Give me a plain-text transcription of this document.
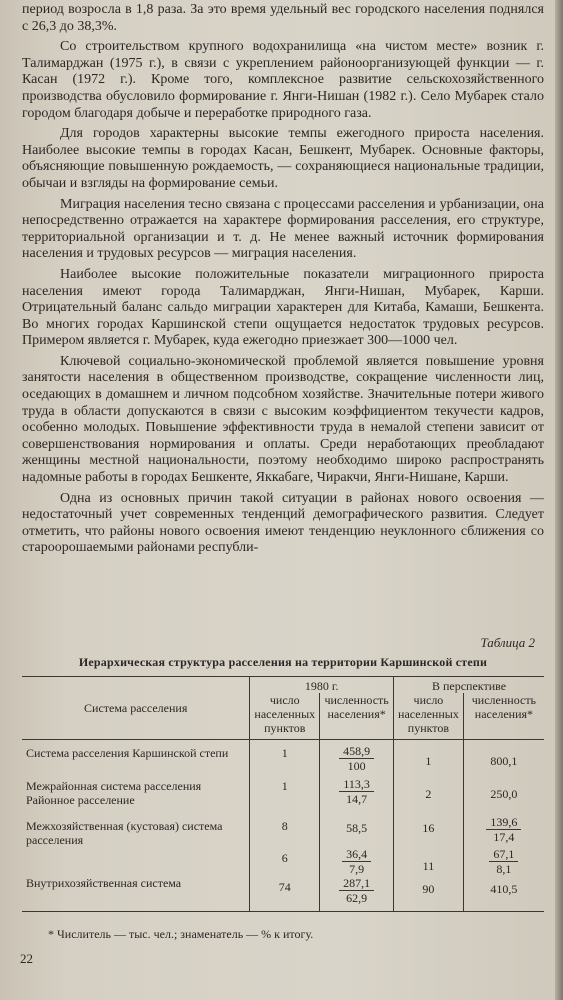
период возросла в 1,8 раза. За это время удельный вес городского населения поднялся с 26,3 до 38,3%.

Со строительством крупного водохранилища «на чистом месте» возник г. Талимарджан (1975 г.), в связи с укреплением районоорганизующей функции — г. Касан (1972 г.). Кроме того, комплексное развитие сельскохозяйственного производства обусловило формирование г. Янги-Нишан (1982 г.). Село Мубарек стало городом благодаря добыче и переработке природного газа.

Для городов характерны высокие темпы ежегодного прироста населения. Наиболее высокие темпы в городах Касан, Бешкент, Мубарек. Основные факторы, объясняющие повышенную рождаемость, — сохраняющиеся национальные традиции, обычаи и взгляды на формирование семьи.

Миграция населения тесно связана с процессами расселения и урбанизации, она непосредственно отражается на характере формирования расселения, его структуре, территориальной организации и т. д. Не менее важный источник формирования населения и трудовых ресурсов — миграция населения.

Наиболее высокие положительные показатели миграционного прироста населения имеют города Талимарджан, Янги-Нишан, Мубарек, Карши. Отрицательный баланс сальдо миграции характерен для Китаба, Камаши, Бешкента. Во многих городах Каршинской степи ощущается недостаток трудовых ресурсов. Примером является г. Мубарек, куда ежегодно приезжает 300—1000 чел.

Ключевой социально-экономической проблемой является повышение уровня занятости населения в общественном производстве, сокращение численности лиц, оседающих в домашнем и личном подсобном хозяйстве. Значительные потери живого труда в области допускаются в связи с высоким коэффициентом текучести кадров, особенно молодых. Повышение эффективности труда в немалой степени зависит от совершенствования нормирования и оплаты. Среди неработающих преобладают женщины местной национальности, поэтому необходимо широко распространять надомные работы в городах Бешкенте, Яккабаге, Чиракчи, Янги-Нишане, Карши.

Одна из основных причин такой ситуации в районах нового освоения — недостаточный учет современных тенденций демографического развития. Следует отметить, что районы нового освоения имеют тенденцию неуклонного сближения со староорошаемыми районами республи-

Таблица 2
Иерархическая структура расселения на территории Каршинской степи
Система расселения	1980 г.		В перспективе	
	число населенных пунктов	численность населения*	число населенных пунктов	численность населения*
Система расселения Каршинской степи	1	$\frac{458,9}{100}$	1	800,1
Межрайонная система расселения Районное расселение	1	$\frac{113,3}{14,7}$	2	250,0
Межхозяйственная (кустовая) система расселения	8	58,5	16	$\frac{139,6}{17,4}$

	6	$\frac{36,4}{7,9}$	11	$\frac{67,1}{8,1}$

Внутрихозяйственная система	74	$\frac{287,1}{62,9}$	90	410,5
* Числитель — тыс. чел.; знаменатель — % к итогу.
22
